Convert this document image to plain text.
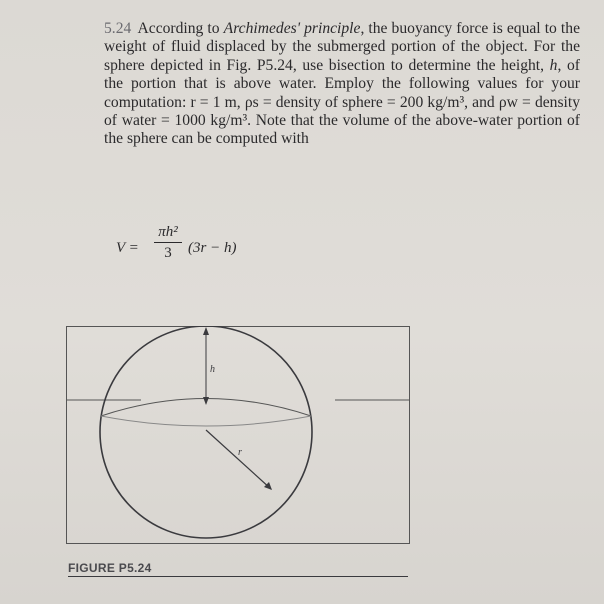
5.24 According to Archimedes' principle, the buoyancy force is equal to the weight of fluid displaced by the submerged portion of the object. For the sphere depicted in Fig. P5.24, use bisection to determine the height, h, of the portion that is above water. Employ the following values for your computation: r = 1 m, ρs = density of sphere = 200 kg/m³, and ρw = density of water = 1000 kg/m³. Note that the volume of the above-water portion of the sphere can be computed with
V =
πh²
3	(3r − h)
h
r
FIGURE P5.24
